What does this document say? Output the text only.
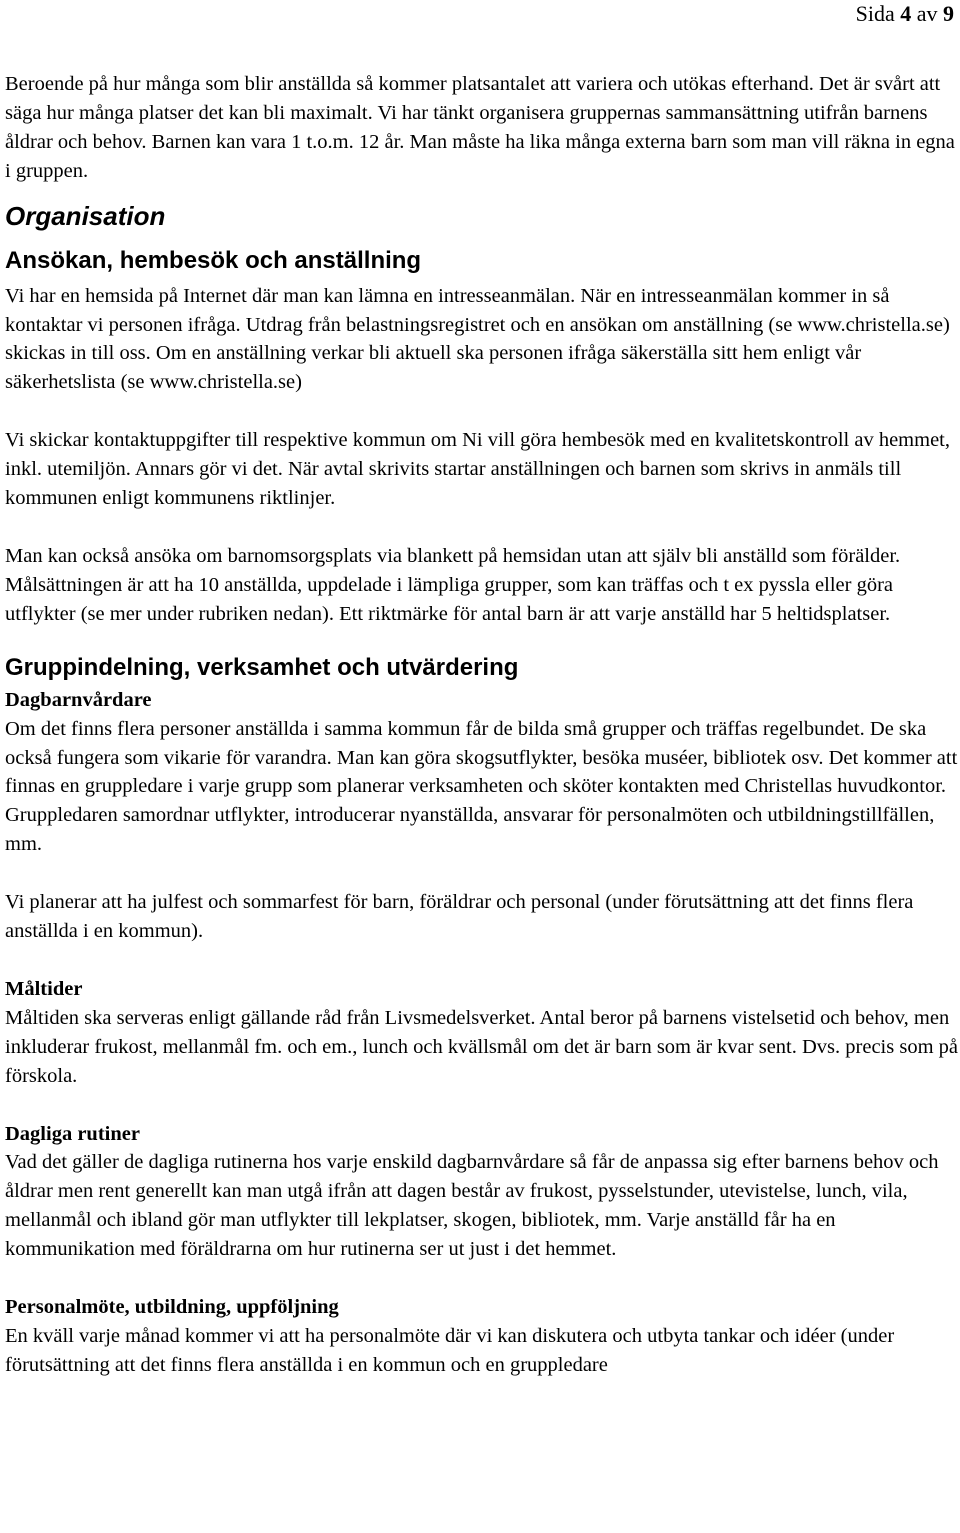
Sida 4 av 9

Beroende på hur många som blir anställda så kommer platsantalet att variera och utökas efterhand. Det är svårt att säga hur många platser det kan bli maximalt. Vi har tänkt organisera gruppernas sammansättning utifrån barnens åldrar och behov. Barnen kan vara 1 t.o.m. 12 år. Man måste ha lika många externa barn som man vill räkna in egna i gruppen.

Organisation
Ansökan, hembesök och anställning

Vi har en hemsida på Internet där man kan lämna en intresseanmälan. När en intresseanmälan kommer in så kontaktar vi personen ifråga. Utdrag från belastningsregistret och en ansökan om anställning (se www.christella.se) skickas in till oss. Om en anställning verkar bli aktuell ska personen ifråga säkerställa sitt hem enligt vår säkerhetslista (se www.christella.se)

Vi skickar kontaktuppgifter till respektive kommun om Ni vill göra hembesök med en kvalitetskontroll av hemmet, inkl. utemiljön. Annars gör vi det. När avtal skrivits startar anställningen och barnen som skrivs in anmäls till kommunen enligt kommunens riktlinjer.

Man kan också ansöka om barnomsorgsplats via blankett på hemsidan utan att själv bli anställd som förälder. Målsättningen är att ha 10 anställda, uppdelade i lämpliga grupper, som kan träffas och t ex pyssla eller göra utflykter (se mer under rubriken nedan). Ett riktmärke för antal barn är att varje anställd har 5 heltidsplatser.

Gruppindelning, verksamhet och utvärdering
Dagbarnvårdare

Om det finns flera personer anställda i samma kommun får de bilda små grupper och träffas regelbundet. De ska också fungera som vikarie för varandra. Man kan göra skogsutflykter, besöka muséer, bibliotek osv. Det kommer att finnas en gruppledare i varje grupp som planerar verksamheten och sköter kontakten med Christellas huvudkontor. Gruppledaren samordnar utflykter, introducerar nyanställda, ansvarar för personalmöten och utbildningstillfällen, mm.

Vi planerar att ha julfest och sommarfest för barn, föräldrar och personal (under förutsättning att det finns flera anställda i en kommun).

Måltider

Måltiden ska serveras enligt gällande råd från Livsmedelsverket. Antal beror på barnens vistelsetid och behov, men inkluderar frukost, mellanmål fm. och em., lunch och kvällsmål om det är barn som är kvar sent. Dvs. precis som på förskola.

Dagliga rutiner

Vad det gäller de dagliga rutinerna hos varje enskild dagbarnvårdare så får de anpassa sig efter barnens behov och åldrar men rent generellt kan man utgå ifrån att dagen består av frukost, pysselstunder, utevistelse, lunch, vila, mellanmål och ibland gör man utflykter till lekplatser, skogen, bibliotek, mm. Varje anställd får ha en kommunikation med föräldrarna om hur rutinerna ser ut just i det hemmet.

Personalmöte, utbildning, uppföljning

En kväll varje månad kommer vi att ha personalmöte där vi kan diskutera och utbyta tankar och idéer (under förutsättning att det finns flera anställda i en kommun och en gruppledare
